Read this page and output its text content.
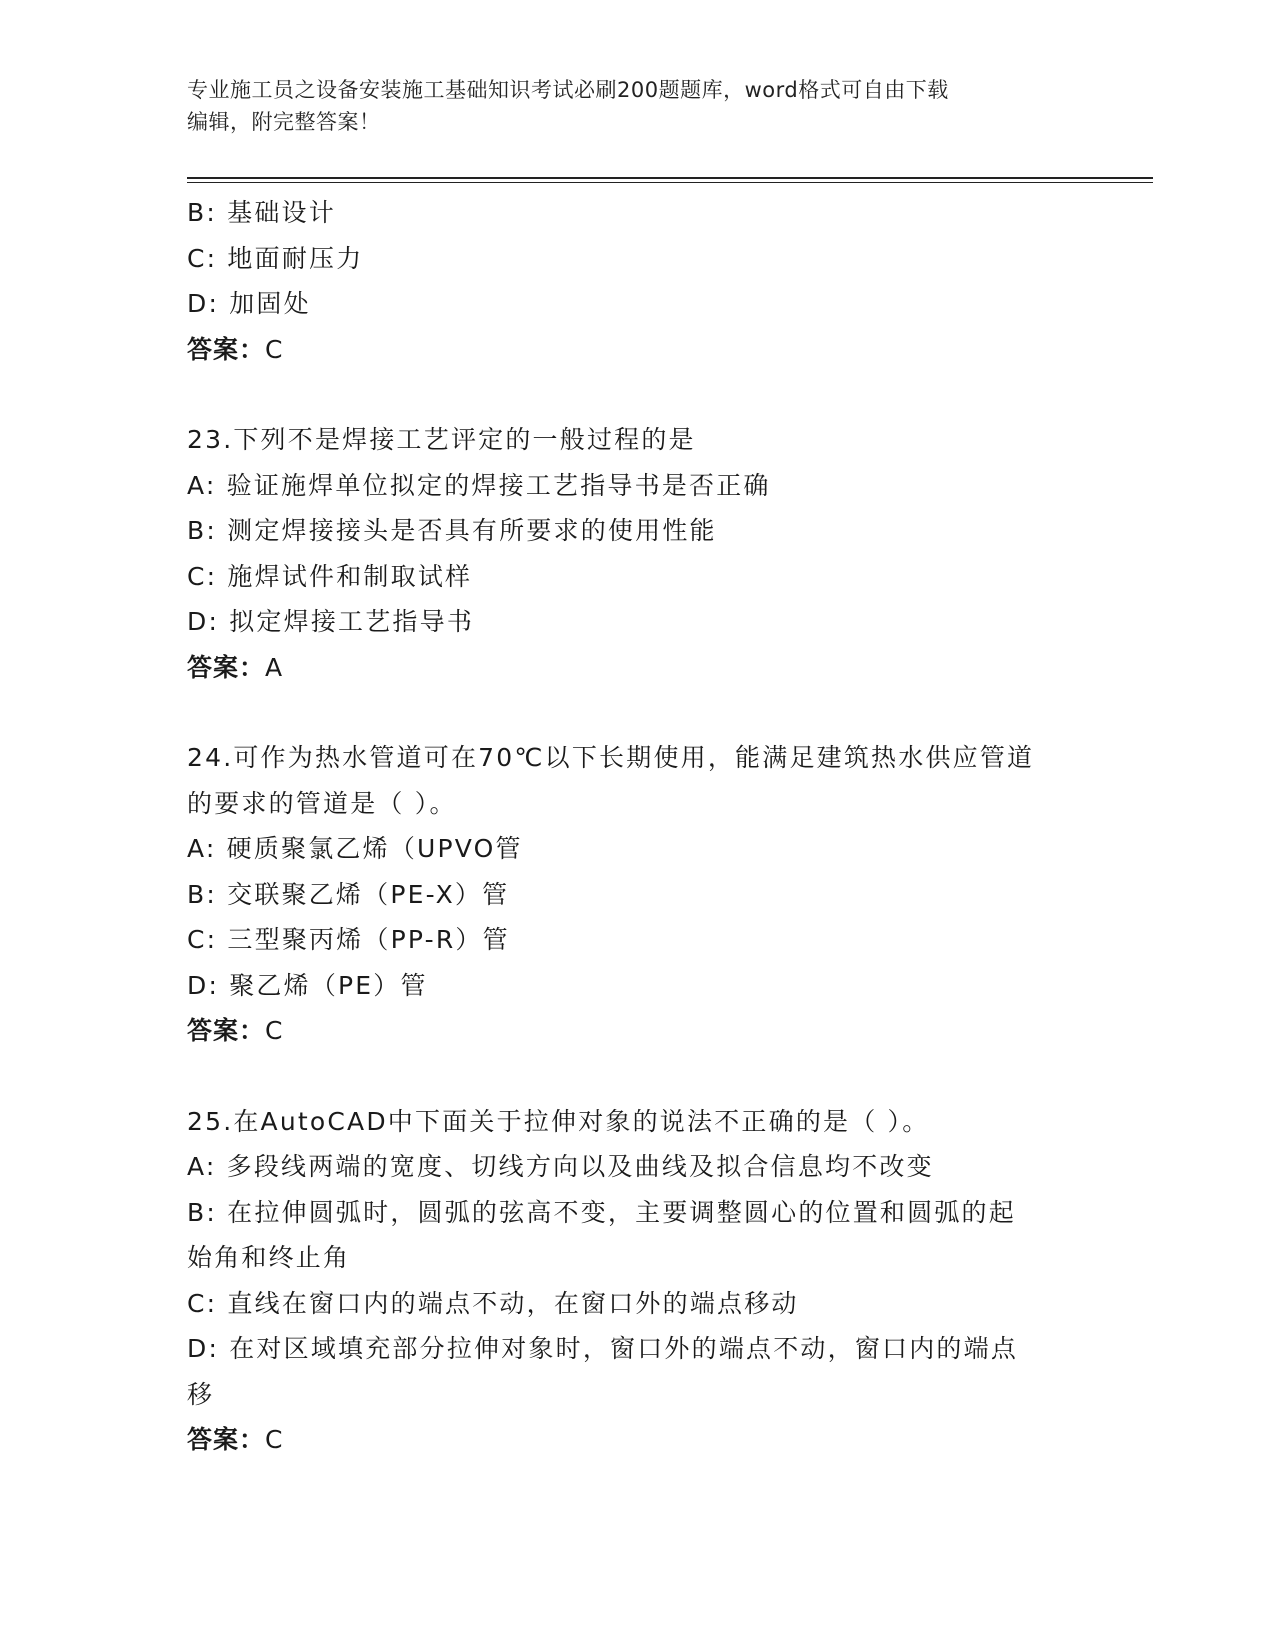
专业施工员之设备安装施工基础知识考试必刷200题题库，word格式可自由下载
编辑，附完整答案！
B: 基础设计
C: 地面耐压力
D: 加固处
答案：C
23.下列不是焊接工艺评定的一般过程的是
A: 验证施焊单位拟定的焊接工艺指导书是否正确
B: 测定焊接接头是否具有所要求的使用性能
C: 施焊试件和制取试样
D: 拟定焊接工艺指导书
答案：A
24.可作为热水管道可在70℃以下长期使用，能满足建筑热水供应管道
的要求的管道是（ ）。
A: 硬质聚氯乙烯（UPVO管
B: 交联聚乙烯（PE-X）管
C: 三型聚丙烯（PP-R）管
D: 聚乙烯（PE）管
答案：C
25.在AutoCAD中下面关于拉伸对象的说法不正确的是（ ）。
A: 多段线两端的宽度、切线方向以及曲线及拟合信息均不改变
B: 在拉伸圆弧时，圆弧的弦高不变，主要调整圆心的位置和圆弧的起
始角和终止角
C: 直线在窗口内的端点不动，在窗口外的端点移动
D: 在对区域填充部分拉伸对象时，窗口外的端点不动，窗口内的端点
移
答案：C
